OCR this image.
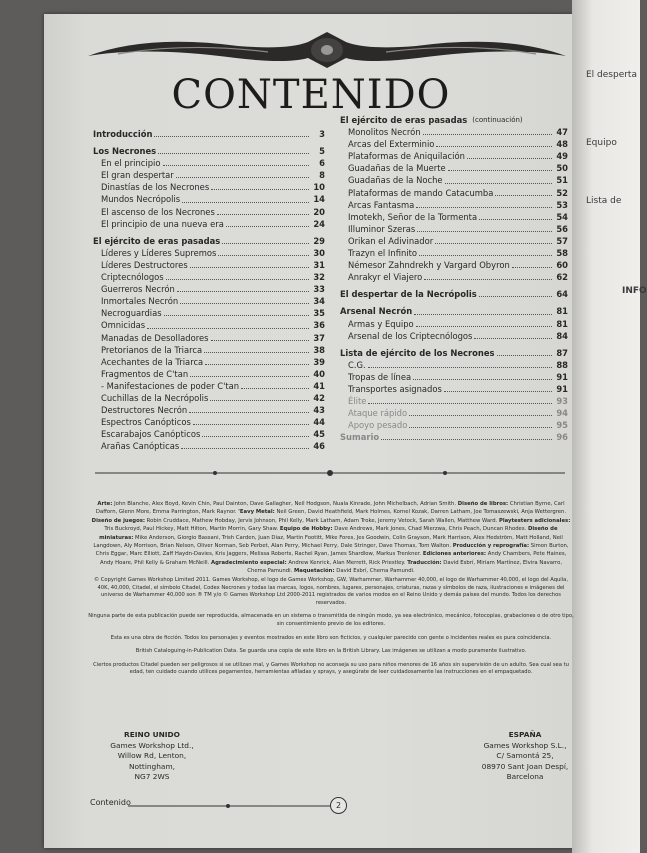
El desperta
Equipo
Lista de
INFO
CONTENIDO
Introducción	3
Los Necrones	5
En el principio	6
El gran despertar	8
Dinastías de los Necrones	10
Mundos Necrópolis	14
El ascenso de los Necrones	20
El principio de una nueva era	24
El ejército de eras pasadas	29
Líderes y Líderes Supremos	30
Líderes Destructores	31
Criptecnólogos	32
Guerreros Necrón	33
Inmortales Necrón	34
Necroguardias	35
Omnicidas	36
Manadas de Desolladores	37
Pretorianos de la Triarca	38
Acechantes de la Triarca	39
Fragmentos de C'tan	40
- Manifestaciones de poder C'tan	41
Cuchillas de la Necrópolis	42
Destructores Necrón	43
Espectros Canópticos	44
Escarabajos Canópticos	45
Arañas Canópticas	46
El ejército de eras pasadas (continuación)
Monolitos Necrón	47
Arcas del Exterminio	48
Plataformas de Aniquilación	49
Guadañas de la Muerte	50
Guadañas de la Noche	51
Plataformas de mando Catacumba	52
Arcas Fantasma	53
Imotekh, Señor de la Tormenta	54
Illuminor Szeras	56
Orikan el Adivinador	57
Trazyn el Infinito	58
Némesor Zahndrekh y Vargard Obyron	60
Anrakyr el Viajero	62
El despertar de la Necrópolis	64
Arsenal Necrón	81
Armas y Equipo	81
Arsenal de los Criptecnólogos	84
Lista de ejército de los Necrones	87
C.G.	88
Tropas de línea	91
Transportes asignados	91
Élite	93
Ataque rápido	94
Apoyo pesado	95
Sumario	96
Arte: John Blanche, Alex Boyd, Kevin Chin, Paul Dainton, Dave Gallagher, Neil Hodgson, Nuala Kinrade, John Michelbach, Adrian Smith. Diseño de libros: Christian Byrne, Carl Dafforn, Glenn More, Emma Parrington, Mark Raynor. 'Eavy Metal: Neil Green, David Heathfield, Mark Holmes, Kornel Kozak, Darren Latham, Joe Tomaszewski, Anja Wettergren. Diseño de juegos: Robin Cruddace, Mathew Hobday, Jervis Johnson, Phil Kelly, Mark Latham, Adam Troke, Jeremy Vetock, Sarah Wallen, Matthew Ward. Playtesters adicionales: Tris Buckroyd, Paul Hickey, Matt Hilton, Martin Morrin, Gary Shaw. Equipo de Hobby: Dave Andrews, Mark Jones, Chad Mierzwa, Chris Peach, Duncan Rhodes. Diseño de miniaturas: Mike Anderson, Giorgio Bassani, Trish Carden, Juan Diaz, Martin Footitt, Mike Fores, Jes Goodwin, Colin Grayson, Mark Harrison, Alex Hedström, Matt Holland, Neil Langdown, Aly Morrison, Brian Nelson, Oliver Norman, Seb Perbet, Alan Perry, Michael Perry, Dale Stringer, Dave Thomas, Tom Walton. Producción y reprografía: Simon Burton, Chris Eggar, Marc Elliott, Zaff Haydn-Davies, Kris Jaggers, Melissa Roberts, Rachel Ryan, James Shardlow, Markus Trenkner. Ediciones anteriores: Andy Chambers, Pete Haines, Andy Hoare, Phil Kelly & Graham McNeill. Agradecimiento especial: Andrew Kenrick, Alan Merrett, Rick Priestley. Traducción: David Esbrí, Miriam Martínez, Elvira Navarro, Chema Pamundi. Maquetación: David Esbrí, Chema Pamundi.

© Copyright Games Workshop Limited 2011. Games Workshop, el logo de Games Workshop, GW, Warhammer, Warhammer 40,000, el logo de Warhammer 40,000, el logo del Aquila, 40K, 40,000, Citadel, el símbolo Citadel, Codex Necrones y todas las marcas, logos, nombres, lugares, personajes, criaturas, razas y símbolos de raza, ilustraciones e imágenes del universo de Warhammer 40,000 son ® TM y/o © Games Workshop Ltd 2000-2011 registrados de varios modos en el Reino Unido y demás países del mundo. Todos los derechos reservados.

Ninguna parte de esta publicación puede ser reproducida, almacenada en un sistema o transmitida de ningún modo, ya sea electrónico, mecánico, fotocopias, grabaciones o de otro tipo, sin consentimiento previo de los editores.

Esta es una obra de ficción. Todos los personajes y eventos mostrados en este libro son ficticios, y cualquier parecido con gente o incidentes reales es pura coincidencia.

British Cataloguing-in-Publication Data. Se guarda una copia de este libro en la British Library. Las imágenes se utilizan a modo puramente ilustrativo.

Ciertos productos Citadel pueden ser peligrosos si se utilizan mal, y Games Workshop no aconseja su uso para niños menores de 16 años sin supervisión de un adulto. Sea cual sea tu edad, ten cuidado cuando utilices pegamentos, herramientas afiladas y sprays, y asegúrate de leer cuidadosamente las instrucciones en el empaquetado.

REINO UNIDO
Games Workshop Ltd.,
Willow Rd, Lenton,
Nottingham,
NG7 2WS
ESPAÑA
Games Workshop S.L.,
C/ Samontá 25,
08970 Sant Joan Despí,
Barcelona
Contenido	2
